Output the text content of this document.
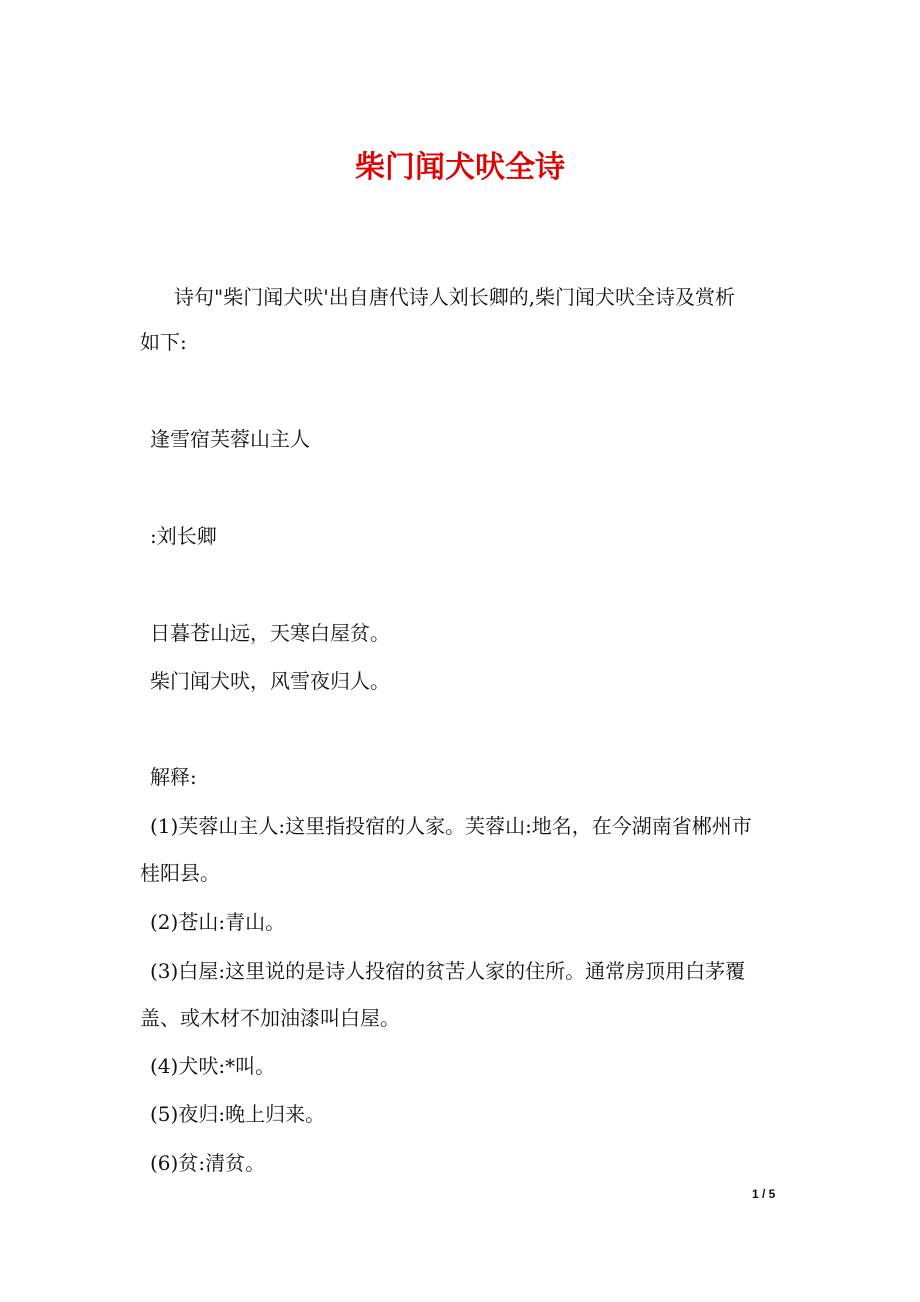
柴门闻犬吠全诗

诗句"柴门闻犬吠'出自唐代诗人刘长卿的,柴门闻犬吠全诗及赏析

如下:

逢雪宿芙蓉山主人

:刘长卿

日暮苍山远，天寒白屋贫。

柴门闻犬吠，风雪夜归人。

解释:

(1)芙蓉山主人:这里指投宿的人家。芙蓉山:地名，在今湖南省郴州市

桂阳县。

(2)苍山:青山。

(3)白屋:这里说的是诗人投宿的贫苦人家的住所。通常房顶用白茅覆

盖、或木材不加油漆叫白屋。

(4)犬吠:*叫。

(5)夜归:晚上归来。

(6)贫:清贫。

1 / 5
